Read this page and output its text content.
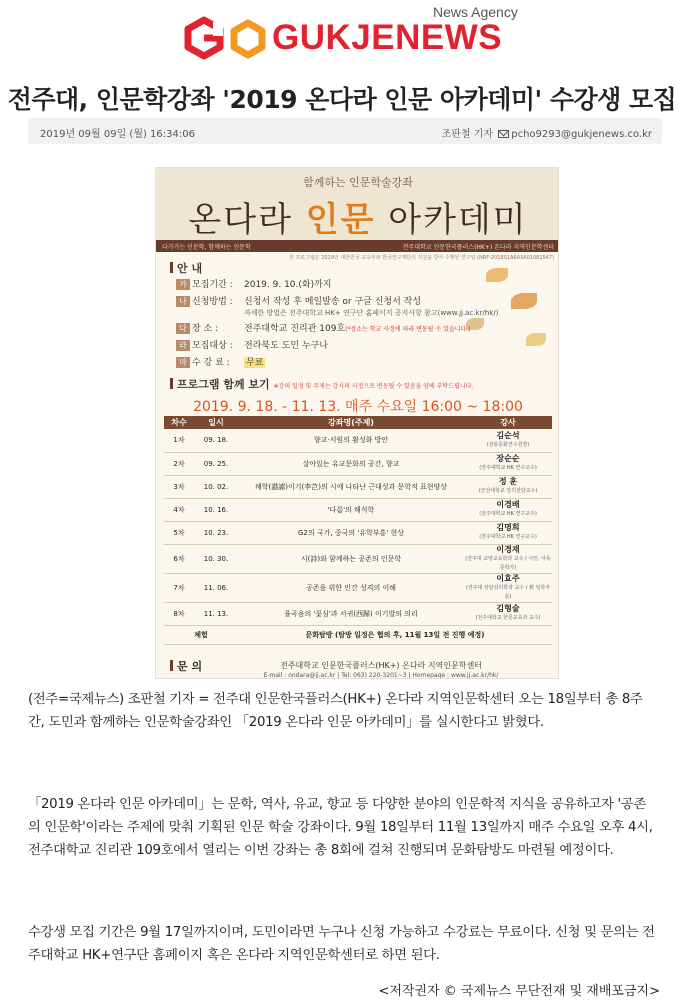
News Agency
GUKJENEWS
전주대, 인문학강좌 '2019 온다라 인문 아카데미' 수강생 모집
2019년 09월 09일 (월) 16:34:06	조판철 기자 pcho9293@gukjenews.co.kr
함께하는 인문학술강좌
온다라 인문 아카데미
다가가는 인문학, 함께하는 인문학	전주대학교 인문한국플러스(HK+) 온다라 지역인문학센터
본 프로그램은 2019년 대한민국 교육부와 한국연구재단의 지원을 받아 수행된 연구임 (NRF-2018S1A6A3A01081547)
안 내
가 모집기간 : 2019. 9. 10.(화)까지
나 신청방법 : 신청서 작성 후 메일발송 or 구글 신청서 작성
자세한 방법은 전주대학교 HK+ 연구단 홈페이지 공지사항 참고(www.jj.ac.kr/hk/)
다 장 소 :	전주대학교 진리관 109호(*장소는 학교 사정에 따라 변동될 수 있습니다.)
라 모집대상 : 전라북도 도민 누구나
마 수 강 료 : 무료
프로그램 함께 보기 ※강의 일정 및 주제는 강사의 사정으로 변동될 수 있음을 양해 부탁드립니다.
2019. 9. 18. - 11. 13. 매주 수요일 16:00 ~ 18:00
차수	일시	강좌명(주제)	강사
1차	09. 18.	향교·서원의 활성화 방안	김순석
(전통문화연수원장)

2차	09. 25.	살아있는 유교문화의 공간, 향교	장순순
(전주대학교 HK 연구교수)

3차	10. 02.	해학(諧謔)이기(李芑)의 시에 나타난 근대성과 문학적 표현양상	정 훈
(군산대학교 강의전담교수)

4차	10. 16.	'다름'의 해석학	이경배
(전주대학교 HK 연구교수)

5차	10. 23.	G2의 국가, 중국의 '유학부흥' 현상	김명희
(전주대학교 HK 연구교수)

6차	10. 30.	시(詩)와 함께하는 공존의 인문학	이경재
(전주대 교양교육학과 교수 / 시인, 아동문학가)

7차	11. 06.	공존을 위한 인간 성격의 이해	이효주
(전주대 상담심리학과 교수 / 敎 임학자문)

8차	11. 13.	율곡음의 '꽃심'과 서귀(西歸) 이기발의 의리	김형술
(전주대학교 한문교육과 교수)

체험		문화탐방 (탐방 일정은 협의 후, 11월 13일 전 진행 예정)	
문 의	전주대학교 인문한국플러스(HK+) 온다라 지역인문학센터
E-mail : ondara@jj.ac.kr | Tel: 063) 220-3201~3 | Homepage : www.jj.ac.kr/hk/

(전주=국제뉴스) 조판철 기자 = 전주대 인문한국플러스(HK+) 온다라 지역인문학센터 오는 18일부터 총 8주간, 도민과 함께하는 인문학술강좌인 「2019 온다라 인문 아카데미」를 실시한다고 밝혔다.

「2019 온다라 인문 아카데미」는 문학, 역사, 유교, 향교 등 다양한 분야의 인문학적 지식을 공유하고자 '공존의 인문학'이라는 주제에 맞춰 기획된 인문 학술 강좌이다. 9월 18일부터 11월 13일까지 매주 수요일 오후 4시, 전주대학교 진리관 109호에서 열리는 이번 강좌는 총 8회에 걸쳐 진행되며 문화탐방도 마련될 예정이다.

수강생 모집 기간은 9월 17일까지이며, 도민이라면 누구나 신청 가능하고 수강료는 무료이다. 신청 및 문의는 전주대학교 HK+연구단 홈페이지 혹은 온다라 지역인문학센터로 하면 된다.

<저작권자 © 국제뉴스 무단전재 및 재배포금지>
